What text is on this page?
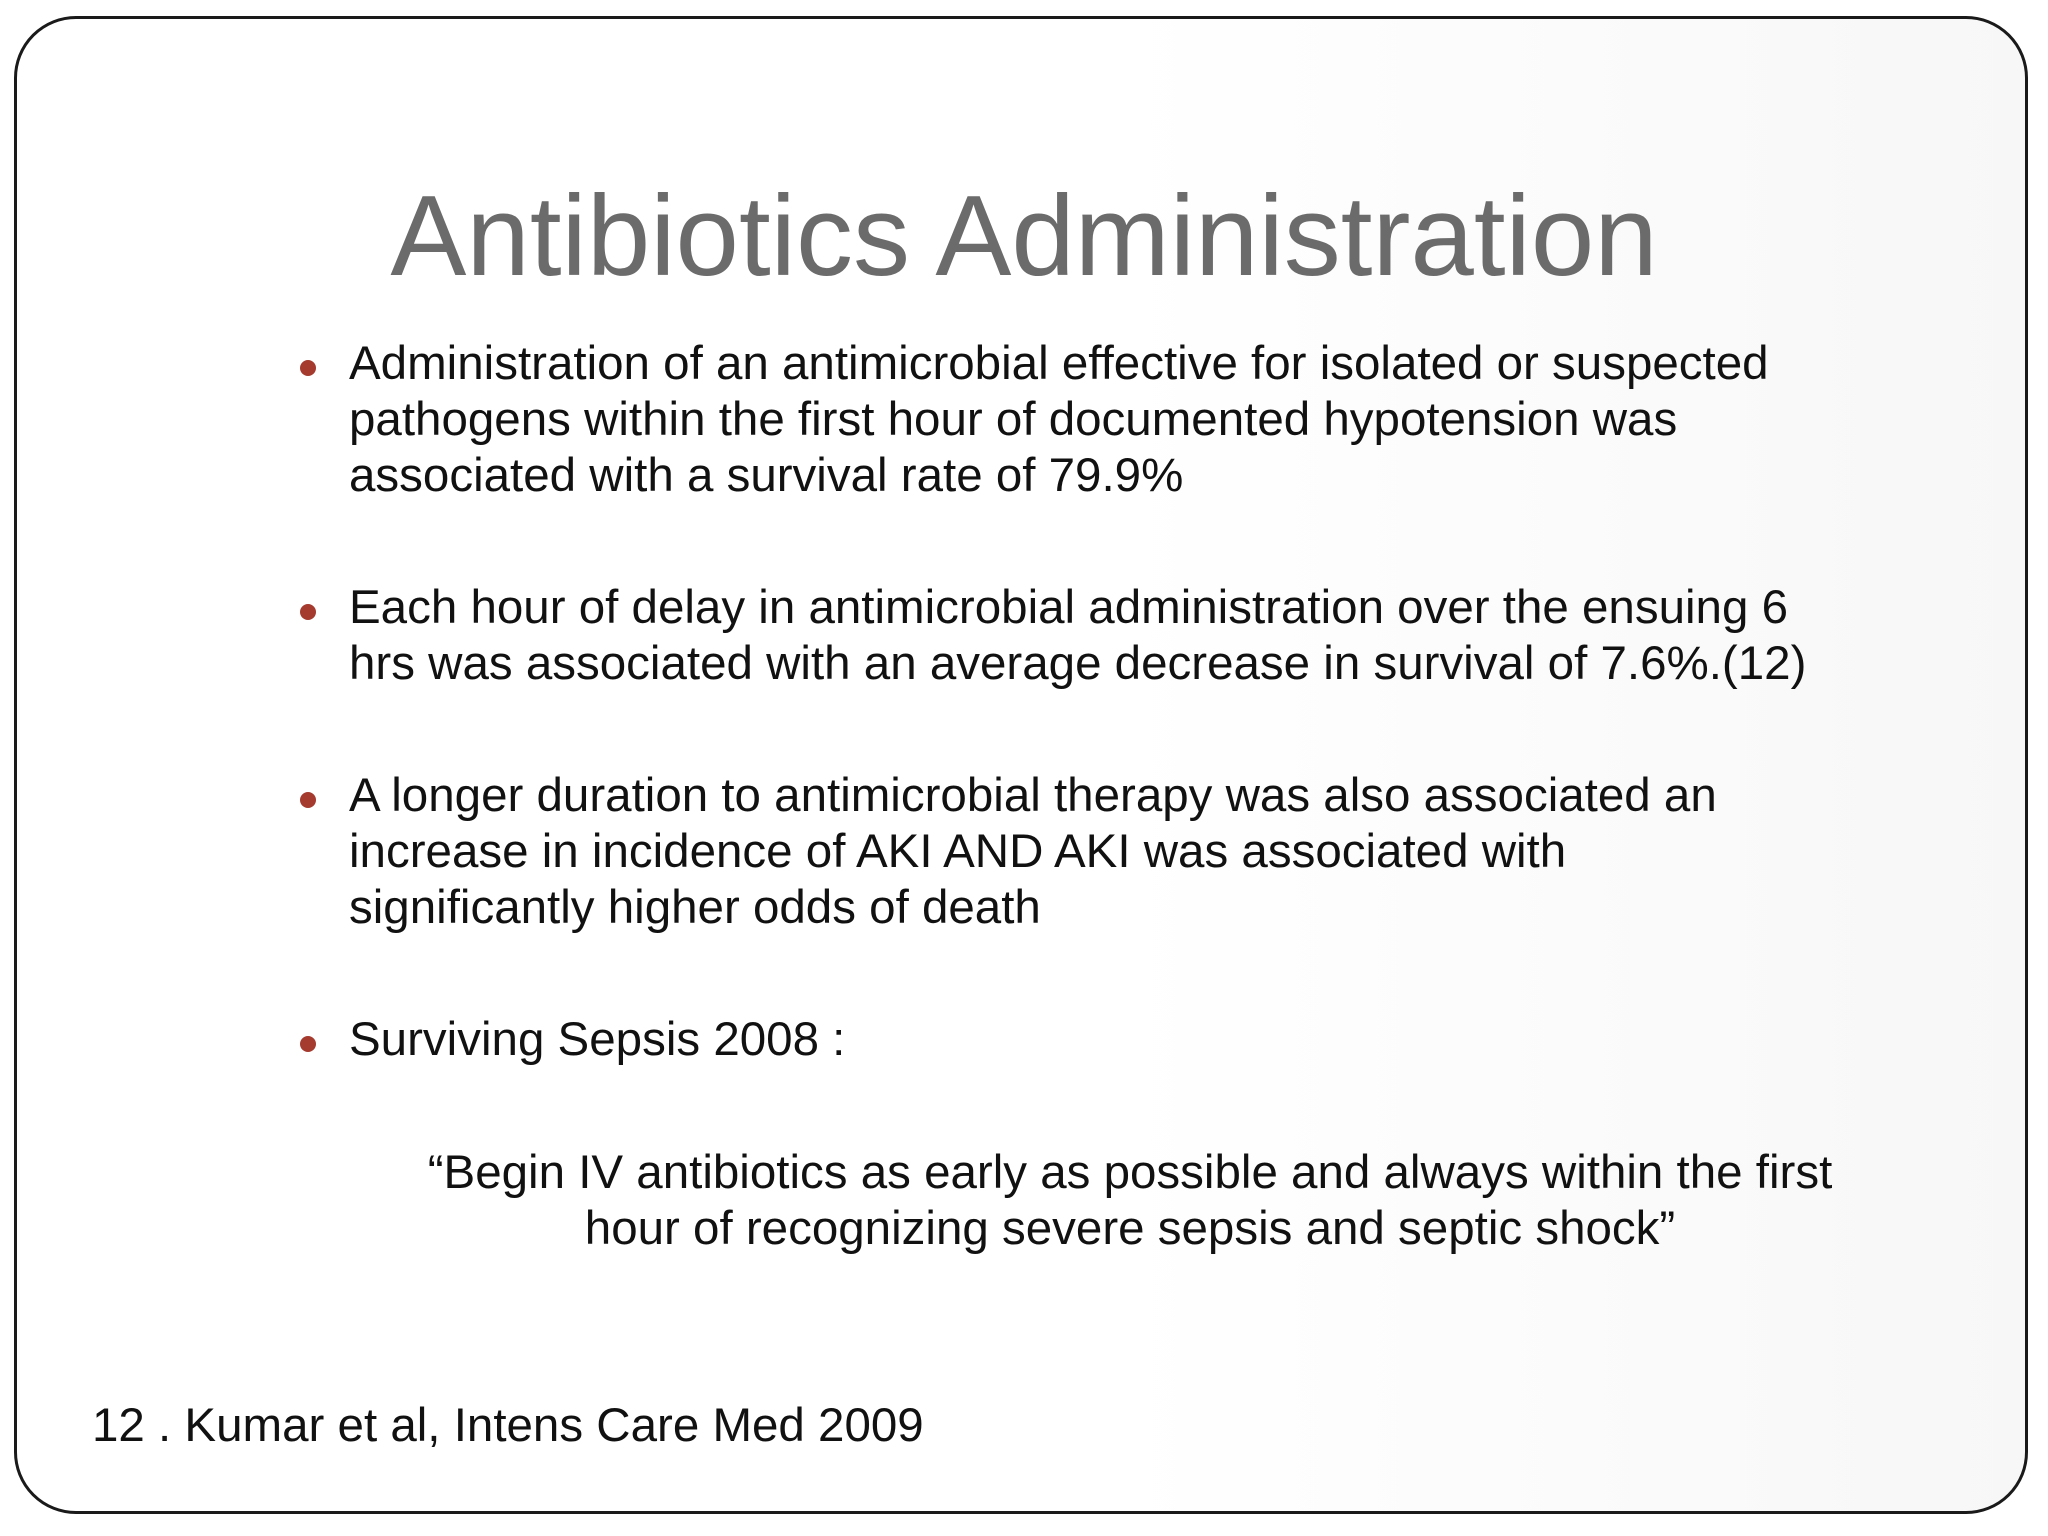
Antibiotics Administration
Administration of an antimicrobial effective for isolated or suspected
pathogens within the first hour of documented hypotension was
associated with a survival rate of 79.9%
Each hour of delay in antimicrobial administration over the ensuing 6
hrs was associated with an average decrease in survival of 7.6%.(12)
A longer duration to antimicrobial therapy was also associated an
increase in incidence of AKI AND AKI was associated with
significantly higher odds of death
Surviving Sepsis 2008 :
“Begin IV antibiotics as early as possible and always within the first
hour of recognizing severe sepsis and septic shock”
12 . Kumar et al, Intens Care Med 2009
